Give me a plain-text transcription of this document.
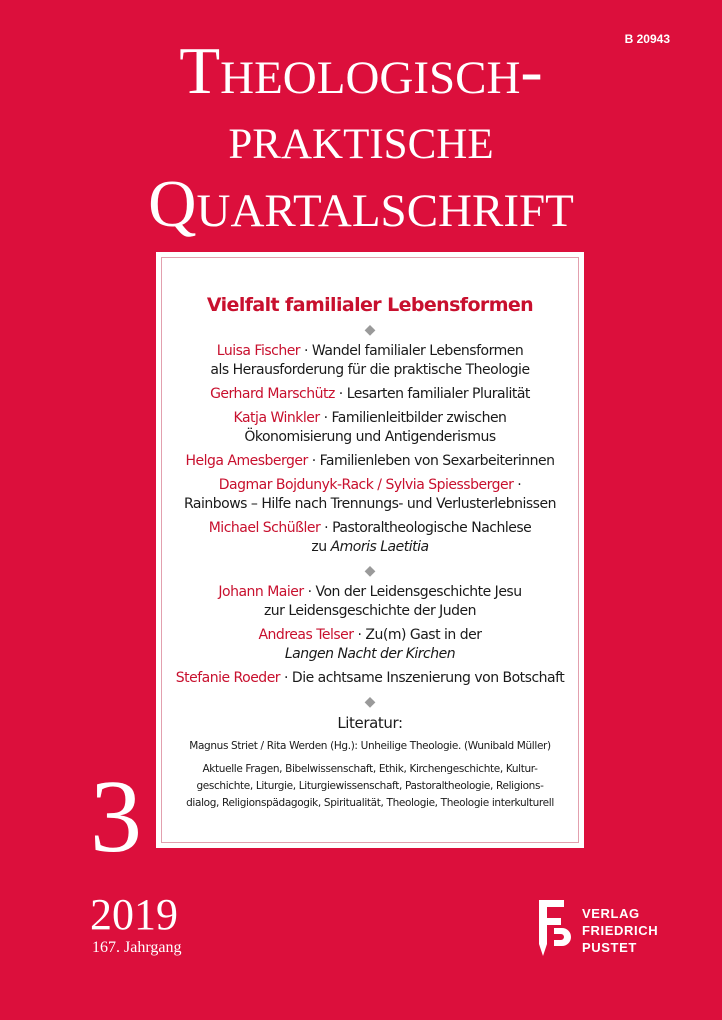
B 20943
Theologisch-
praktische
Quartalschrift

Vielfalt familialer Lebensformen

◆

Luisa Fischer · Wandel familialer Lebensformen
als Herausforderung für die praktische Theologie

Gerhard Marschütz · Lesarten familialer Pluralität

Katja Winkler · Familienleitbilder zwischen
Ökonomisierung und Antigenderismus

Helga Amesberger · Familienleben von Sexarbeiterinnen

Dagmar Bojdunyk-Rack / Sylvia Spiessberger ·
Rainbows – Hilfe nach Trennungs- und Verlusterlebnissen

Michael Schüßler · Pastoraltheologische Nachlese
zu Amoris Laetitia

◆

Johann Maier · Von der Leidensgeschichte Jesu
zur Leidensgeschichte der Juden

Andreas Telser · Zu(m) Gast in der
Langen Nacht der Kirchen

Stefanie Roeder · Die achtsame Inszenierung von Botschaft

◆
Literatur:

Magnus Striet / Rita Werden (Hg.): Unheilige Theologie. (Wunibald Müller)

Aktuelle Fragen, Bibelwissenschaft, Ethik, Kirchengeschichte, Kultur-

geschichte, Liturgie, Liturgiewissenschaft, Pastoraltheologie, Religions-

dialog, Religionspädagogik, Spiritualität, Theologie, Theologie interkulturell

3
2019
167. Jahrgang
VERLAG
FRIEDRICH
PUSTET
